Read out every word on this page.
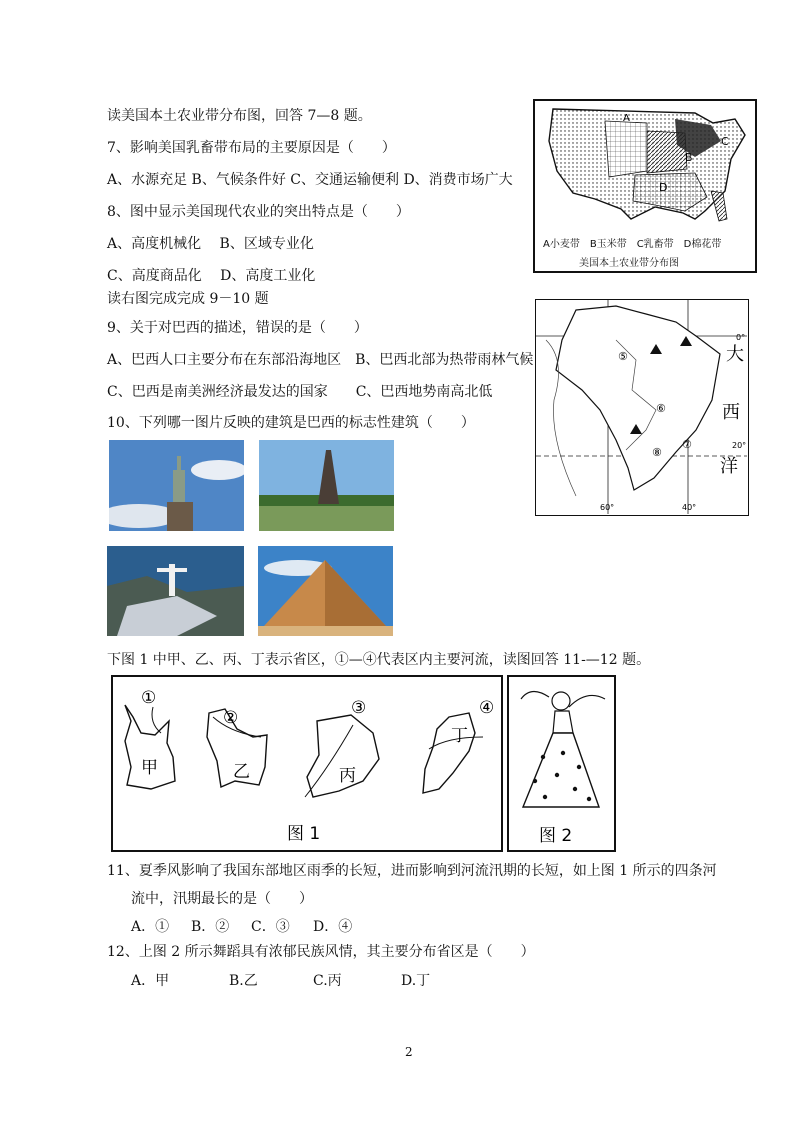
读美国本土农业带分布图，回答 7—8 题。
7、影响美国乳畜带布局的主要原因是（　　）
A、水源充足 B、气候条件好 C、交通运输便利 D、消费市场广大
8、图中显示美国现代农业的突出特点是（　　）
A、高度机械化　 B、区域专业化
C、高度商品化　 D、高度工业化
读右图完成完成 9－10 题
9、关于对巴西的描述，错误的是（　　）
A、巴西人口主要分布在东部沿海地区　B、巴西北部为热带雨林气候
C、巴西是南美洲经济最发达的国家　　C、巴西地势南高北低
10、下列哪一图片反映的建筑是巴西的标志性建筑（　　）
B
C
D
A
A小麦带　B玉米带　C乳畜带　D棉花带
美国本土农业带分布图
大
西
洋
0°
20°
60°	40°
⑤
⑥
⑦
⑧
下图 1 中甲、乙、丙、丁表示省区，①—④代表区内主要河流，读图回答 11-—12 题。
①
②	③	④
甲	乙	丙
丁
图 1	图 2
11、夏季风影响了我国东部地区雨季的长短，进而影响到河流汛期的长短，如上图 1 所示的四条河
流中，汛期最长的是（　　）
A．① B．② C．③ D．④
12、上图 2 所示舞蹈具有浓郁民族风情，其主要分布省区是（　　）
A．甲	B.乙	C.丙	D.丁
2
